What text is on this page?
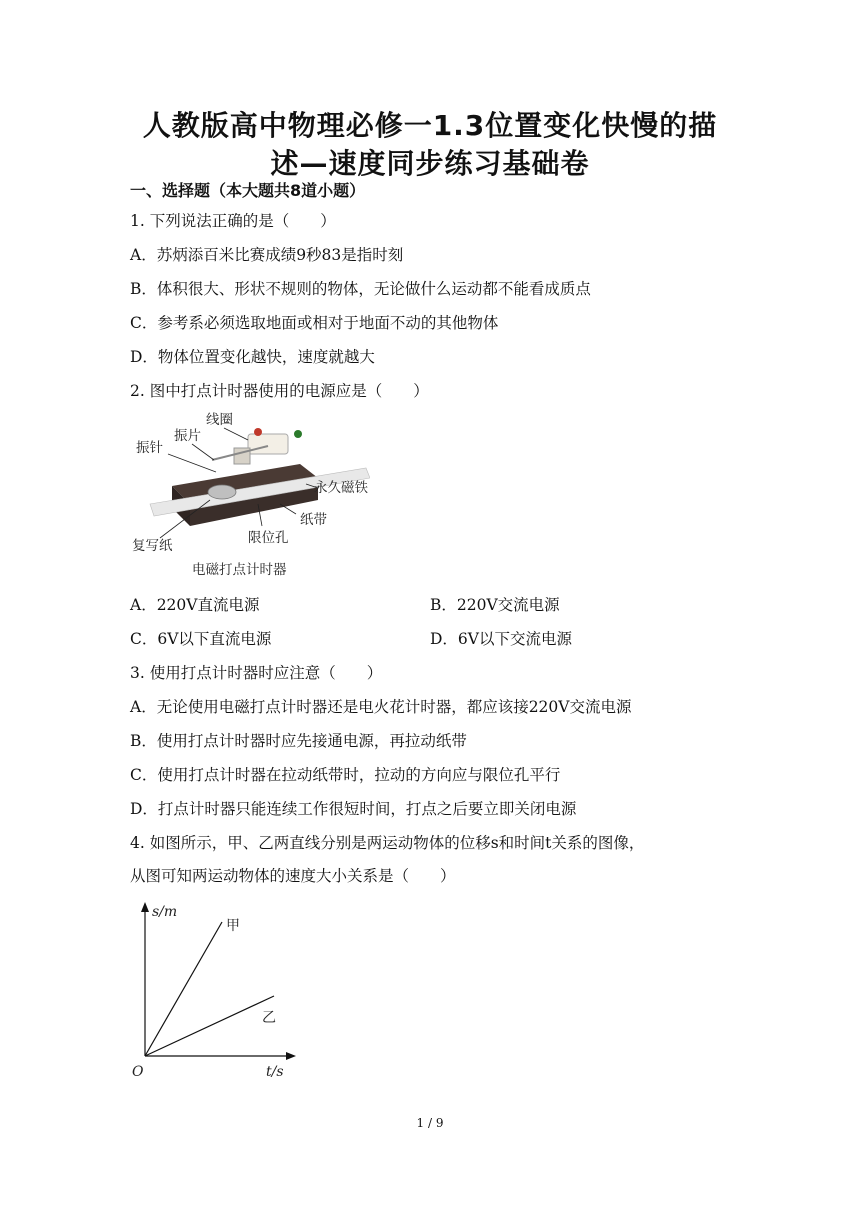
人教版高中物理必修一1.3位置变化快慢的描
述—速度同步练习基础卷
一、选择题（本大题共8道小题）
1. 下列说法正确的是（　　）
A．苏炳添百米比赛成绩9秒83是指时刻
B．体积很大、形状不规则的物体，无论做什么运动都不能看成质点
C．参考系必须选取地面或相对于地面不动的其他物体
D．物体位置变化越快，速度就越大
2. 图中打点计时器使用的电源应是（　　）
线圈
振片
振针
永久磁铁
纸带
限位孔
复写纸
电磁打点计时器
A．220V直流电源	B．220V交流电源
C．6V以下直流电源	D．6V以下交流电源
3. 使用打点计时器时应注意（　　）
A．无论使用电磁打点计时器还是电火花计时器，都应该接220V交流电源
B．使用打点计时器时应先接通电源，再拉动纸带
C．使用打点计时器在拉动纸带时，拉动的方向应与限位孔平行
D．打点计时器只能连续工作很短时间，打点之后要立即关闭电源
4. 如图所示，甲、乙两直线分别是两运动物体的位移s和时间t关系的图像，
从图可知两运动物体的速度大小关系是（　　）
s/m
t/s
O
甲
乙
1 / 9
